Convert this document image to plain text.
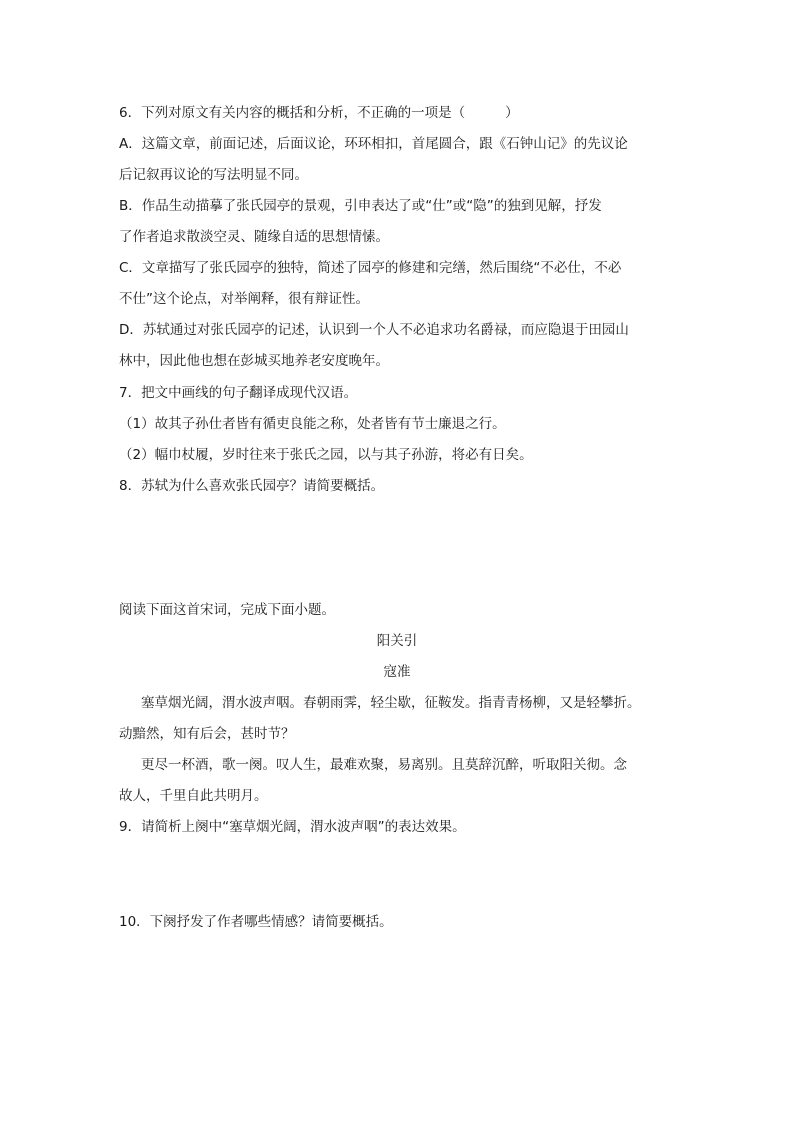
6．下列对原文有关内容的概括和分析，不正确的一项是（	）
A．这篇文章，前面记述，后面议论，环环相扣，首尾圆合，跟《石钟山记》的先议论
后记叙再议论的写法明显不同。
B．作品生动描摹了张氏园亭的景观，引申表达了或“仕”或“隐”的独到见解，抒发
了作者追求散淡空灵、随缘自适的思想情愫。
C．文章描写了张氏园亭的独特，简述了园亭的修建和完缮，然后围绕“不必仕，不必
不仕”这个论点，对举阐释，很有辩证性。
D．苏轼通过对张氏园亭的记述，认识到一个人不必追求功名爵禄，而应隐退于田园山
林中，因此他也想在彭城买地养老安度晚年。
7．把文中画线的句子翻译成现代汉语。
（1）故其子孙仕者皆有循吏良能之称，处者皆有节士廉退之行。
（2）幅巾杖履，岁时往来于张氏之园，以与其子孙游，将必有日矣。
8．苏轼为什么喜欢张氏园亭？请简要概括。
阅读下面这首宋词，完成下面小题。
阳关引
寇准
塞草烟光阔，渭水波声咽。春朝雨霁，轻尘歇，征鞍发。指青青杨柳，又是轻攀折。
动黯然，知有后会，甚时节？
更尽一杯酒，歌一阕。叹人生，最难欢聚，易离别。且莫辞沉醉，听取阳关彻。念
故人，千里自此共明月。
9．请简析上阕中“塞草烟光阔，渭水波声咽”的表达效果。
10．下阕抒发了作者哪些情感？请简要概括。
